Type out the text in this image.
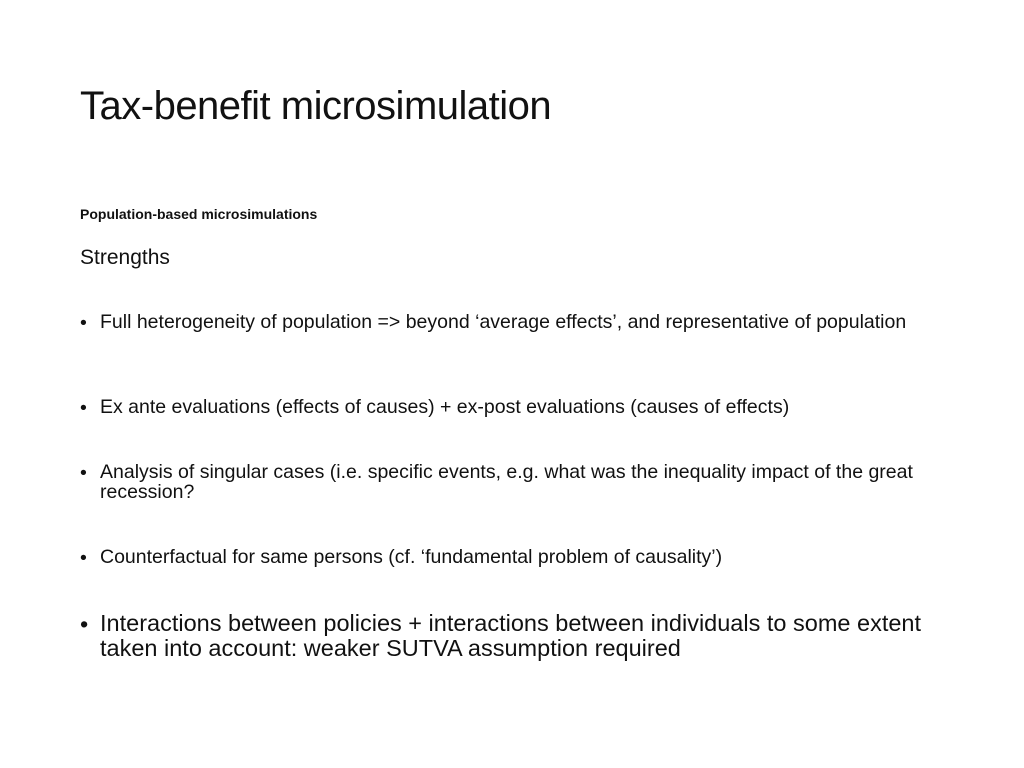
Tax-benefit microsimulation
Population-based microsimulations
Strengths
• Full heterogeneity of population => beyond ‘average effects’, and representative of population
• Ex ante evaluations (effects of causes) + ex-post evaluations (causes of effects)
• Analysis of singular cases (i.e. specific events, e.g. what was the inequality impact of the great recession?
• Counterfactual for same persons (cf. ‘fundamental problem of causality’)
• Interactions between policies + interactions between individuals to some extent taken into account: weaker SUTVA assumption required
